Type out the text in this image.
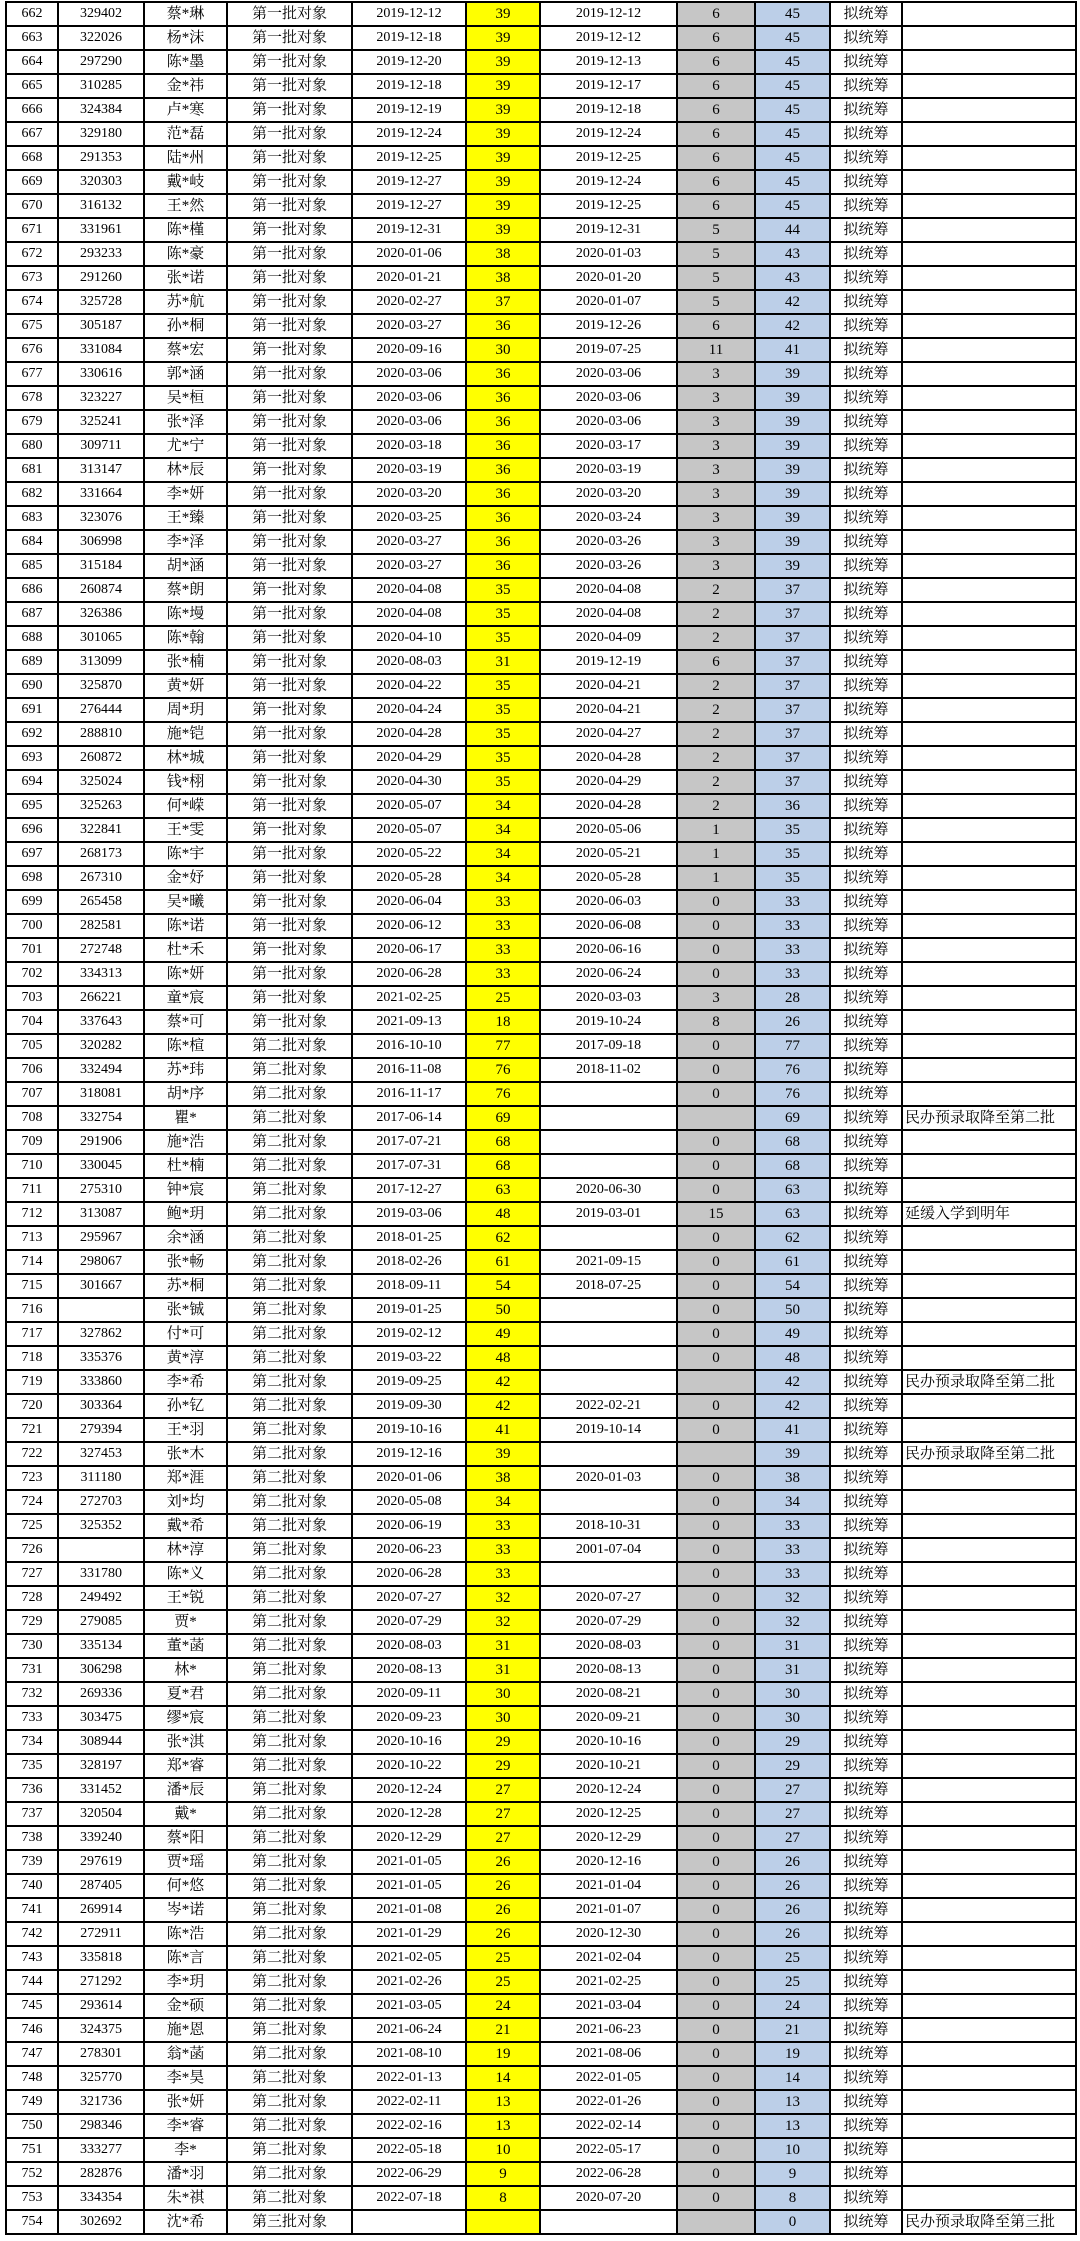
662	329402	蔡*琳	第一批对象	2019-12-12	39	2019-12-12	6	45	拟统筹	
663	322026	杨*沫	第一批对象	2019-12-18	39	2019-12-12	6	45	拟统筹	
664	297290	陈*墨	第一批对象	2019-12-20	39	2019-12-13	6	45	拟统筹	
665	310285	金*祎	第一批对象	2019-12-18	39	2019-12-17	6	45	拟统筹	
666	324384	卢*寒	第一批对象	2019-12-19	39	2019-12-18	6	45	拟统筹	
667	329180	范*磊	第一批对象	2019-12-24	39	2019-12-24	6	45	拟统筹	
668	291353	陆*州	第一批对象	2019-12-25	39	2019-12-25	6	45	拟统筹	
669	320303	戴*岐	第一批对象	2019-12-27	39	2019-12-24	6	45	拟统筹	
670	316132	王*然	第一批对象	2019-12-27	39	2019-12-25	6	45	拟统筹	
671	331961	陈*槿	第一批对象	2019-12-31	39	2019-12-31	5	44	拟统筹	
672	293233	陈*豪	第一批对象	2020-01-06	38	2020-01-03	5	43	拟统筹	
673	291260	张*诺	第一批对象	2020-01-21	38	2020-01-20	5	43	拟统筹	
674	325728	苏*航	第一批对象	2020-02-27	37	2020-01-07	5	42	拟统筹	
675	305187	孙*桐	第一批对象	2020-03-27	36	2019-12-26	6	42	拟统筹	
676	331084	蔡*宏	第一批对象	2020-09-16	30	2019-07-25	11	41	拟统筹	
677	330616	郭*涵	第一批对象	2020-03-06	36	2020-03-06	3	39	拟统筹	
678	323227	吴*桓	第一批对象	2020-03-06	36	2020-03-06	3	39	拟统筹	
679	325241	张*泽	第一批对象	2020-03-06	36	2020-03-06	3	39	拟统筹	
680	309711	尤*宁	第一批对象	2020-03-18	36	2020-03-17	3	39	拟统筹	
681	313147	林*辰	第一批对象	2020-03-19	36	2020-03-19	3	39	拟统筹	
682	331664	李*妍	第一批对象	2020-03-20	36	2020-03-20	3	39	拟统筹	
683	323076	王*臻	第一批对象	2020-03-25	36	2020-03-24	3	39	拟统筹	
684	306998	李*泽	第一批对象	2020-03-27	36	2020-03-26	3	39	拟统筹	
685	315184	胡*涵	第一批对象	2020-03-27	36	2020-03-26	3	39	拟统筹	
686	260874	蔡*朗	第一批对象	2020-04-08	35	2020-04-08	2	37	拟统筹	
687	326386	陈*墁	第一批对象	2020-04-08	35	2020-04-08	2	37	拟统筹	
688	301065	陈*翰	第一批对象	2020-04-10	35	2020-04-09	2	37	拟统筹	
689	313099	张*楠	第一批对象	2020-08-03	31	2019-12-19	6	37	拟统筹	
690	325870	黄*妍	第一批对象	2020-04-22	35	2020-04-21	2	37	拟统筹	
691	276444	周*玥	第一批对象	2020-04-24	35	2020-04-21	2	37	拟统筹	
692	288810	施*铠	第一批对象	2020-04-28	35	2020-04-27	2	37	拟统筹	
693	260872	林*城	第一批对象	2020-04-29	35	2020-04-28	2	37	拟统筹	
694	325024	钱*栩	第一批对象	2020-04-30	35	2020-04-29	2	37	拟统筹	
695	325263	何*嵘	第一批对象	2020-05-07	34	2020-04-28	2	36	拟统筹	
696	322841	王*雯	第一批对象	2020-05-07	34	2020-05-06	1	35	拟统筹	
697	268173	陈*宇	第一批对象	2020-05-22	34	2020-05-21	1	35	拟统筹	
698	267310	金*妤	第一批对象	2020-05-28	34	2020-05-28	1	35	拟统筹	
699	265458	吴*曦	第一批对象	2020-06-04	33	2020-06-03	0	33	拟统筹	
700	282581	陈*诺	第一批对象	2020-06-12	33	2020-06-08	0	33	拟统筹	
701	272748	杜*禾	第一批对象	2020-06-17	33	2020-06-16	0	33	拟统筹	
702	334313	陈*妍	第一批对象	2020-06-28	33	2020-06-24	0	33	拟统筹	
703	266221	童*宸	第一批对象	2021-02-25	25	2020-03-03	3	28	拟统筹	
704	337643	蔡*可	第一批对象	2021-09-13	18	2019-10-24	8	26	拟统筹	
705	320282	陈*楦	第二批对象	2016-10-10	77	2017-09-18	0	77	拟统筹	
706	332494	苏*玮	第二批对象	2016-11-08	76	2018-11-02	0	76	拟统筹	
707	318081	胡*序	第二批对象	2016-11-17	76		0	76	拟统筹	
708	332754	瞿*	第二批对象	2017-06-14	69			69	拟统筹	民办预录取降至第二批
709	291906	施*浩	第二批对象	2017-07-21	68		0	68	拟统筹	
710	330045	杜*楠	第二批对象	2017-07-31	68		0	68	拟统筹	
711	275310	钟*宸	第二批对象	2017-12-27	63	2020-06-30	0	63	拟统筹	
712	313087	鲍*玥	第二批对象	2019-03-06	48	2019-03-01	15	63	拟统筹	延缓入学到明年
713	295967	余*涵	第二批对象	2018-01-25	62		0	62	拟统筹	
714	298067	张*畅	第二批对象	2018-02-26	61	2021-09-15	0	61	拟统筹	
715	301667	苏*桐	第二批对象	2018-09-11	54	2018-07-25	0	54	拟统筹	
716		张*铖	第二批对象	2019-01-25	50		0	50	拟统筹	
717	327862	付*可	第二批对象	2019-02-12	49		0	49	拟统筹	
718	335376	黄*淳	第二批对象	2019-03-22	48		0	48	拟统筹	
719	333860	李*希	第二批对象	2019-09-25	42			42	拟统筹	民办预录取降至第二批
720	303364	孙*钇	第二批对象	2019-09-30	42	2022-02-21	0	42	拟统筹	
721	279394	王*羽	第二批对象	2019-10-16	41	2019-10-14	0	41	拟统筹	
722	327453	张*木	第二批对象	2019-12-16	39			39	拟统筹	民办预录取降至第二批
723	311180	郑*涯	第二批对象	2020-01-06	38	2020-01-03	0	38	拟统筹	
724	272703	刘*均	第二批对象	2020-05-08	34		0	34	拟统筹	
725	325352	戴*希	第二批对象	2020-06-19	33	2018-10-31	0	33	拟统筹	
726		林*淳	第二批对象	2020-06-23	33	2001-07-04	0	33	拟统筹	
727	331780	陈*义	第二批对象	2020-06-28	33		0	33	拟统筹	
728	249492	王*锐	第二批对象	2020-07-27	32	2020-07-27	0	32	拟统筹	
729	279085	贾*	第二批对象	2020-07-29	32	2020-07-29	0	32	拟统筹	
730	335134	董*菡	第二批对象	2020-08-03	31	2020-08-03	0	31	拟统筹	
731	306298	林*	第二批对象	2020-08-13	31	2020-08-13	0	31	拟统筹	
732	269336	夏*君	第二批对象	2020-09-11	30	2020-08-21	0	30	拟统筹	
733	303475	缪*宸	第二批对象	2020-09-23	30	2020-09-21	0	30	拟统筹	
734	308944	张*淇	第二批对象	2020-10-16	29	2020-10-16	0	29	拟统筹	
735	328197	郑*睿	第二批对象	2020-10-22	29	2020-10-21	0	29	拟统筹	
736	331452	潘*辰	第二批对象	2020-12-24	27	2020-12-24	0	27	拟统筹	
737	320504	戴*	第二批对象	2020-12-28	27	2020-12-25	0	27	拟统筹	
738	339240	蔡*阳	第二批对象	2020-12-29	27	2020-12-29	0	27	拟统筹	
739	297619	贾*瑶	第二批对象	2021-01-05	26	2020-12-16	0	26	拟统筹	
740	287405	何*悠	第二批对象	2021-01-05	26	2021-01-04	0	26	拟统筹	
741	269914	岑*诺	第二批对象	2021-01-08	26	2021-01-07	0	26	拟统筹	
742	272911	陈*浩	第二批对象	2021-01-29	26	2020-12-30	0	26	拟统筹	
743	335818	陈*言	第二批对象	2021-02-05	25	2021-02-04	0	25	拟统筹	
744	271292	李*玥	第二批对象	2021-02-26	25	2021-02-25	0	25	拟统筹	
745	293614	金*硕	第二批对象	2021-03-05	24	2021-03-04	0	24	拟统筹	
746	324375	施*恩	第二批对象	2021-06-24	21	2021-06-23	0	21	拟统筹	
747	278301	翁*菡	第二批对象	2021-08-10	19	2021-08-06	0	19	拟统筹	
748	325770	李*昊	第二批对象	2022-01-13	14	2022-01-05	0	14	拟统筹	
749	321736	张*妍	第二批对象	2022-02-11	13	2022-01-26	0	13	拟统筹	
750	298346	李*睿	第二批对象	2022-02-16	13	2022-02-14	0	13	拟统筹	
751	333277	李*	第二批对象	2022-05-18	10	2022-05-17	0	10	拟统筹	
752	282876	潘*羽	第二批对象	2022-06-29	9	2022-06-28	0	9	拟统筹	
753	334354	朱*祺	第二批对象	2022-07-18	8	2020-07-20	0	8	拟统筹	
754	302692	沈*希	第三批对象					0	拟统筹	民办预录取降至第三批
